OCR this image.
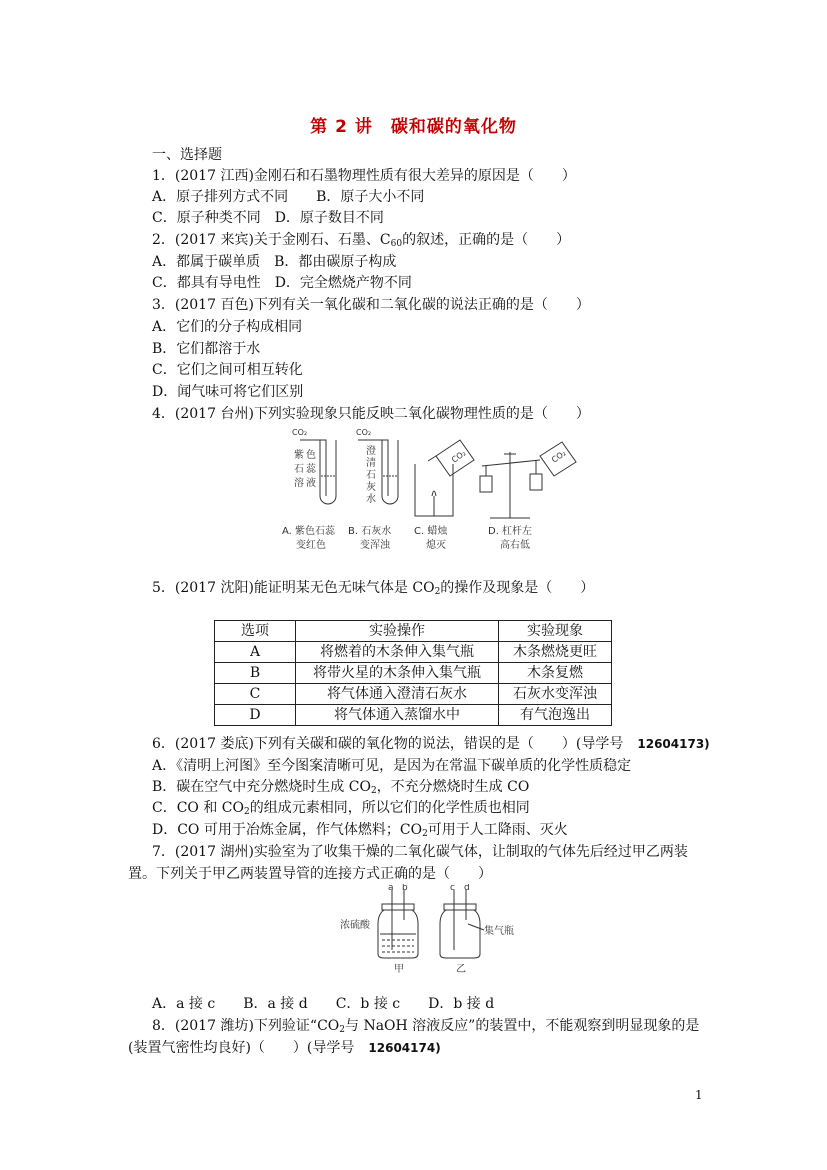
第 2 讲　碳和碳的氧化物
一、选择题
1．(2017 江西)金刚石和石墨物理性质有很大差异的原因是（　　）
A．原子排列方式不同　　B．原子大小不同
C．原子种类不同　D．原子数目不同
2．(2017 来宾)关于金刚石、石墨、$C_{60}$的叙述，正确的是（　　）
A．都属于碳单质　B．都由碳原子构成
C．都具有导电性　D．完全燃烧产物不同
3．(2017 百色)下列有关一氧化碳和二氧化碳的说法正确的是（　　）
A．它们的分子构成相同
B．它们都溶于水
C．它们之间可相互转化
D．闻气味可将它们区别
4．(2017 台州)下列实验现象只能反映二氧化碳物理性质的是（　　）
CO₂	CO₂
CO₂	CO₂
紫 色
石 蕊
溶 液
澄
清
石
灰
水
A. 紫色石蕊
变红色
B. 石灰水
变浑浊
C. 蜡烛
熄灭
D. 杠杆左
高右低
5．(2017 沈阳)能证明某无色无味气体是 $CO_2$的操作及现象是（　　）
选项	实验操作	实验现象
A	将燃着的木条伸入集气瓶	木条燃烧更旺
B	将带火星的木条伸入集气瓶	木条复燃
C	将气体通入澄清石灰水	石灰水变浑浊
D	将气体通入蒸馏水中	有气泡逸出
6．(2017 娄底)下列有关碳和碳的氧化物的说法，错误的是（　　）(导学号　12604173)
A．《清明上河图》至今图案清晰可见，是因为在常温下碳单质的化学性质稳定
B．碳在空气中充分燃烧时生成 $CO_2$，不充分燃烧时生成 CO
C．CO 和 $CO_2$的组成元素相同，所以它们的化学性质也相同
D．CO 可用于冶炼金属，作气体燃料；$CO_2$可用于人工降雨、灭火
7．(2017 湖州)实验室为了收集干燥的二氧化碳气体，让制取的气体先后经过甲乙两装
置。下列关于甲乙两装置导管的连接方式正确的是（　　）
a b	c d
浓硫酸
集气瓶
甲	乙
A．a 接 c　　B．a 接 d　　C．b 接 c　　D．b 接 d
8．(2017 潍坊)下列验证“$CO_2$与 NaOH 溶液反应”的装置中，不能观察到明显现象的是
(装置气密性均良好)（　　）(导学号　12604174)
1
